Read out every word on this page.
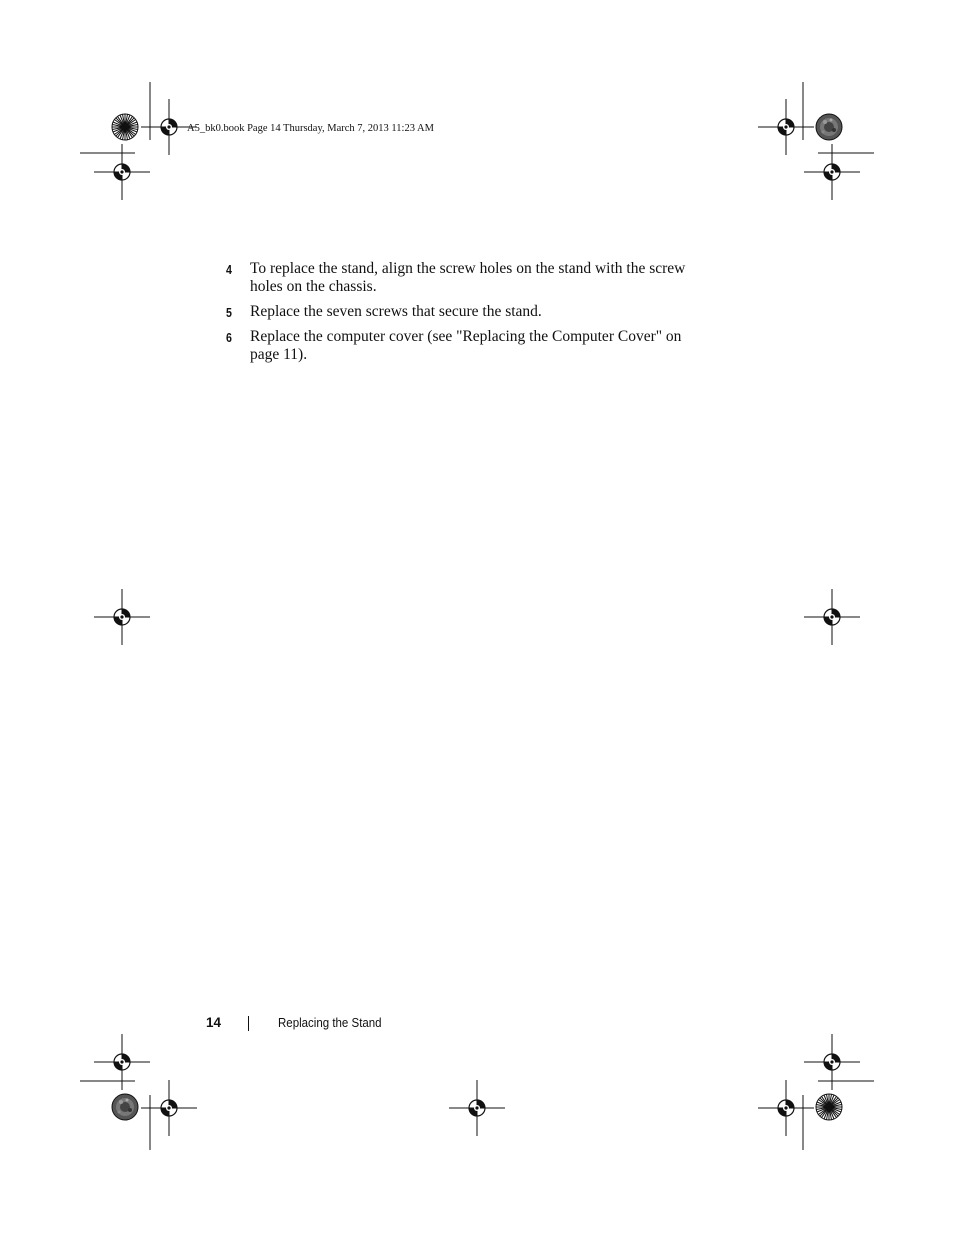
A5_bk0.book Page 14 Thursday, March 7, 2013 11:23 AM
4 To replace the stand, align the screw holes on the stand with the screw holes on the chassis.
5 Replace the seven screws that secure the stand.
6 Replace the computer cover (see "Replacing the Computer Cover" on page 11).
14	Replacing the Stand
